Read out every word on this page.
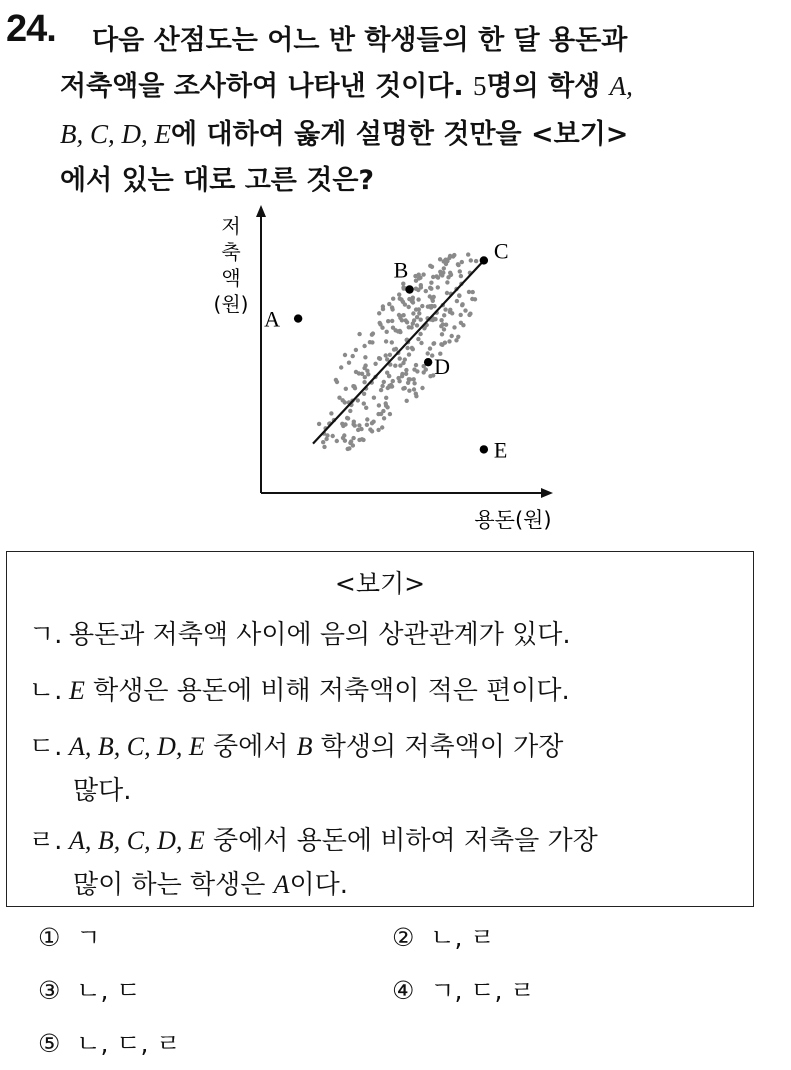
24. 다음 산점도는 어느 반 학생들의 한 달 용돈과
저축액을 조사하여 나타낸 것이다. 5명의 학생 A,
B, C, D, E에 대하여 옳게 설명한 것만을 <보기>
에서 있는 대로 고른 것은?
A
B
C
D
E
저
축
액
(원)
용돈(원)
<보기>
ㄱ. 용돈과 저축액 사이에 음의 상관관계가 있다.
ㄴ. E 학생은 용돈에 비해 저축액이 적은 편이다.
ㄷ. A, B, C, D, E 중에서 B 학생의 저축액이 가장
많다.
ㄹ. A, B, C, D, E 중에서 용돈에 비하여 저축을 가장
많이 하는 학생은 A이다.
① ㄱ	② ㄴ, ㄹ
③ ㄴ, ㄷ	④ ㄱ, ㄷ, ㄹ
⑤ ㄴ, ㄷ, ㄹ
